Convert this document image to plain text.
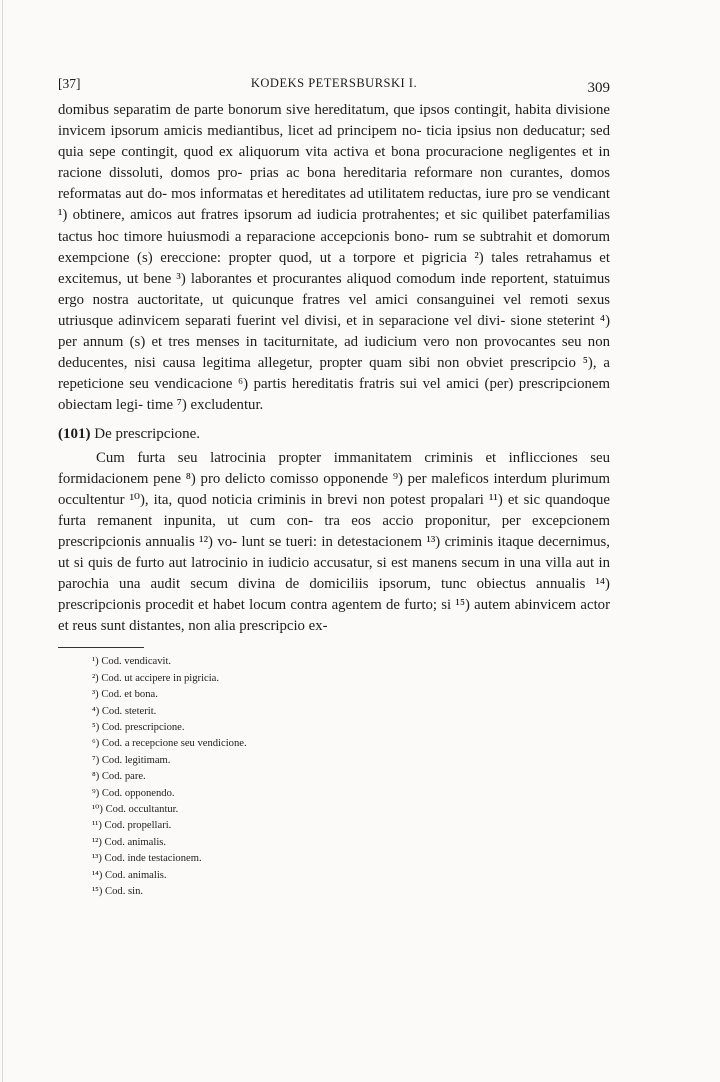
[37]	KODEKS PETERSBURSKI I.	309

domibus separatim de parte bonorum sive hereditatum, que ipsos contingit, habita divisione invicem ipsorum amicis mediantibus, licet ad principem no- ticia ipsius non deducatur; sed quia sepe contingit, quod ex aliquorum vita activa et bona procuracione negligentes et in racione dissoluti, domos pro- prias ac bona hereditaria reformare non curantes, domos reformatas aut do- mos informatas et hereditates ad utilitatem reductas, iure pro se vendicant ¹) obtinere, amicos aut fratres ipsorum ad iudicia protrahentes; et sic quilibet paterfamilias tactus hoc timore huiusmodi a reparacione accepcionis bono- rum se subtrahit et domorum exempcione (s) ereccione: propter quod, ut a torpore et pigricia ²) tales retrahamus et excitemus, ut bene ³) laborantes et procurantes aliquod comodum inde reportent, statuimus ergo nostra auctoritate, ut quicunque fratres vel amici consanguinei vel remoti sexus utriusque adinvicem separati fuerint vel divisi, et in separacione vel divi- sione steterint ⁴) per annum (s) et tres menses in taciturnitate, ad iudicium vero non provocantes seu non deducentes, nisi causa legitima allegetur, propter quam sibi non obviet prescripcio ⁵), a repeticione seu vendicacione ⁶) partis hereditatis fratris sui vel amici (per) prescripcionem obiectam legi- time ⁷) excludentur.

(101) De prescripcione.

Cum furta seu latrocinia propter immanitatem criminis et inflicciones seu formidacionem pene ⁸) pro delicto comisso opponende ⁹) per maleficos interdum plurimum occultentur ¹⁰), ita, quod noticia criminis in brevi non potest propalari ¹¹) et sic quandoque furta remanent inpunita, ut cum con- tra eos accio proponitur, per excepcionem prescripcionis annualis ¹²) vo- lunt se tueri: in detestacionem ¹³) criminis itaque decernimus, ut si quis de furto aut latrocinio in iudicio accusatur, si est manens secum in una villa aut in parochia una audit secum divina de domiciliis ipsorum, tunc obiectus annualis ¹⁴) prescripcionis procedit et habet locum contra agentem de furto; si ¹⁵) autem abinvicem actor et reus sunt distantes, non alia prescripcio ex-

¹) Cod. vendicavit.
²) Cod. ut accipere in pigricia.
³) Cod. et bona.
⁴) Cod. steterit.
⁵) Cod. prescripcione.
⁶) Cod. a recepcione seu vendicione.
⁷) Cod. legitimam.
⁸) Cod. pare.
⁹) Cod. opponendo.
¹⁰) Cod. occultantur.
¹¹) Cod. propellari.
¹²) Cod. animalis.
¹³) Cod. inde testacionem.
¹⁴) Cod. animalis.
¹⁵) Cod. sin.
